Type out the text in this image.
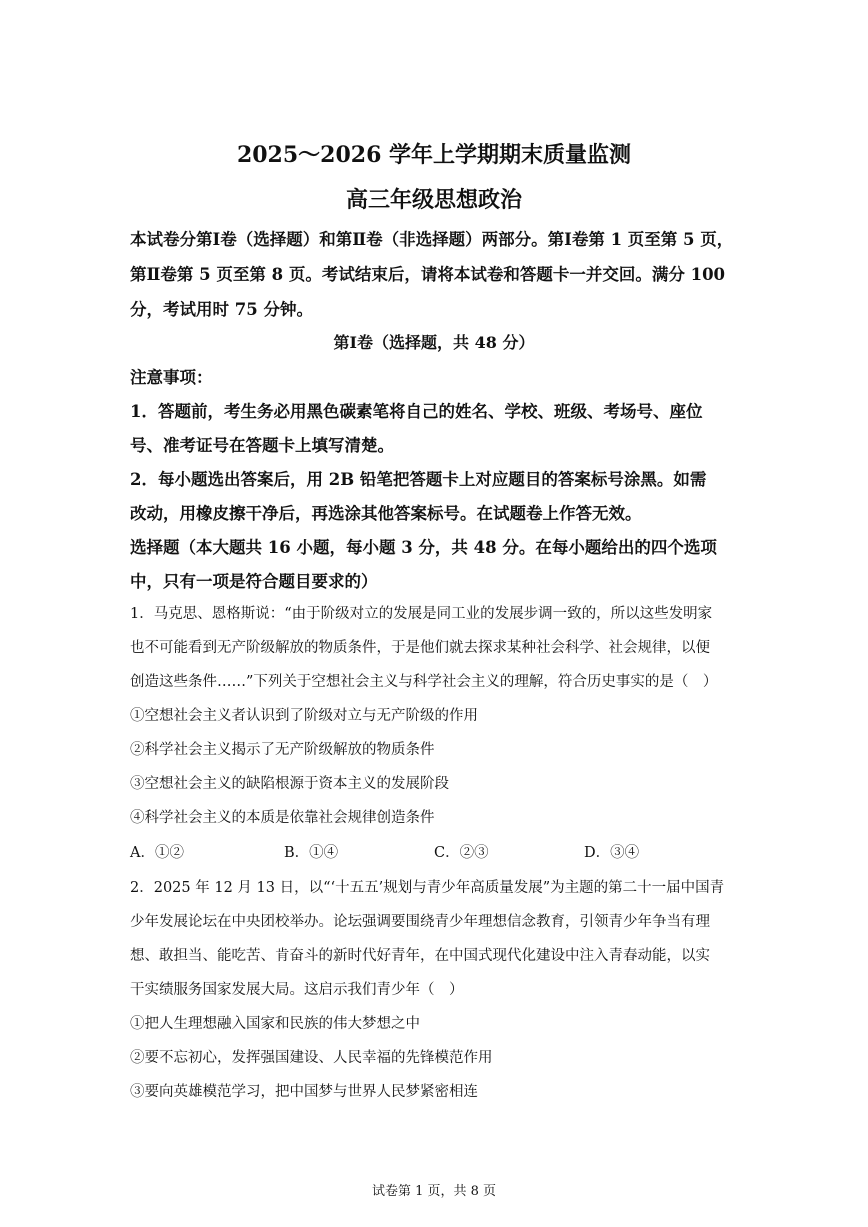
2025～2026 学年上学期期末质量监测
高三年级思想政治
本试卷分第Ⅰ卷（选择题）和第Ⅱ卷（非选择题）两部分。第Ⅰ卷第 1 页至第 5 页，
第Ⅱ卷第 5 页至第 8 页。考试结束后，请将本试卷和答题卡一并交回。满分 100
分，考试用时 75 分钟。
第Ⅰ卷（选择题，共 48 分）
注意事项：
1．答题前，考生务必用黑色碳素笔将自己的姓名、学校、班级、考场号、座位
号、准考证号在答题卡上填写清楚。
2．每小题选出答案后，用 2B 铅笔把答题卡上对应题目的答案标号涂黑。如需
改动，用橡皮擦干净后，再选涂其他答案标号。在试题卷上作答无效。
选择题（本大题共 16 小题，每小题 3 分，共 48 分。在每小题给出的四个选项
中，只有一项是符合题目要求的）
1．马克思、恩格斯说：“由于阶级对立的发展是同工业的发展步调一致的，所以这些发明家
也不可能看到无产阶级解放的物质条件，于是他们就去探求某种社会科学、社会规律，以便
创造这些条件……”下列关于空想社会主义与科学社会主义的理解，符合历史事实的是（　）
①空想社会主义者认识到了阶级对立与无产阶级的作用
②科学社会主义揭示了无产阶级解放的物质条件
③空想社会主义的缺陷根源于资本主义的发展阶段
④科学社会主义的本质是依靠社会规律创造条件
A．①②	B．①④	C．②③	D．③④
2．2025 年 12 月 13 日，以“‘十五五’规划与青少年高质量发展”为主题的第二十一届中国青
少年发展论坛在中央团校举办。论坛强调要围绕青少年理想信念教育，引领青少年争当有理
想、敢担当、能吃苦、肯奋斗的新时代好青年，在中国式现代化建设中注入青春动能，以实
干实绩服务国家发展大局。这启示我们青少年（　）
①把人生理想融入国家和民族的伟大梦想之中
②要不忘初心，发挥强国建设、人民幸福的先锋模范作用
③要向英雄模范学习，把中国梦与世界人民梦紧密相连
试卷第 1 页，共 8 页
